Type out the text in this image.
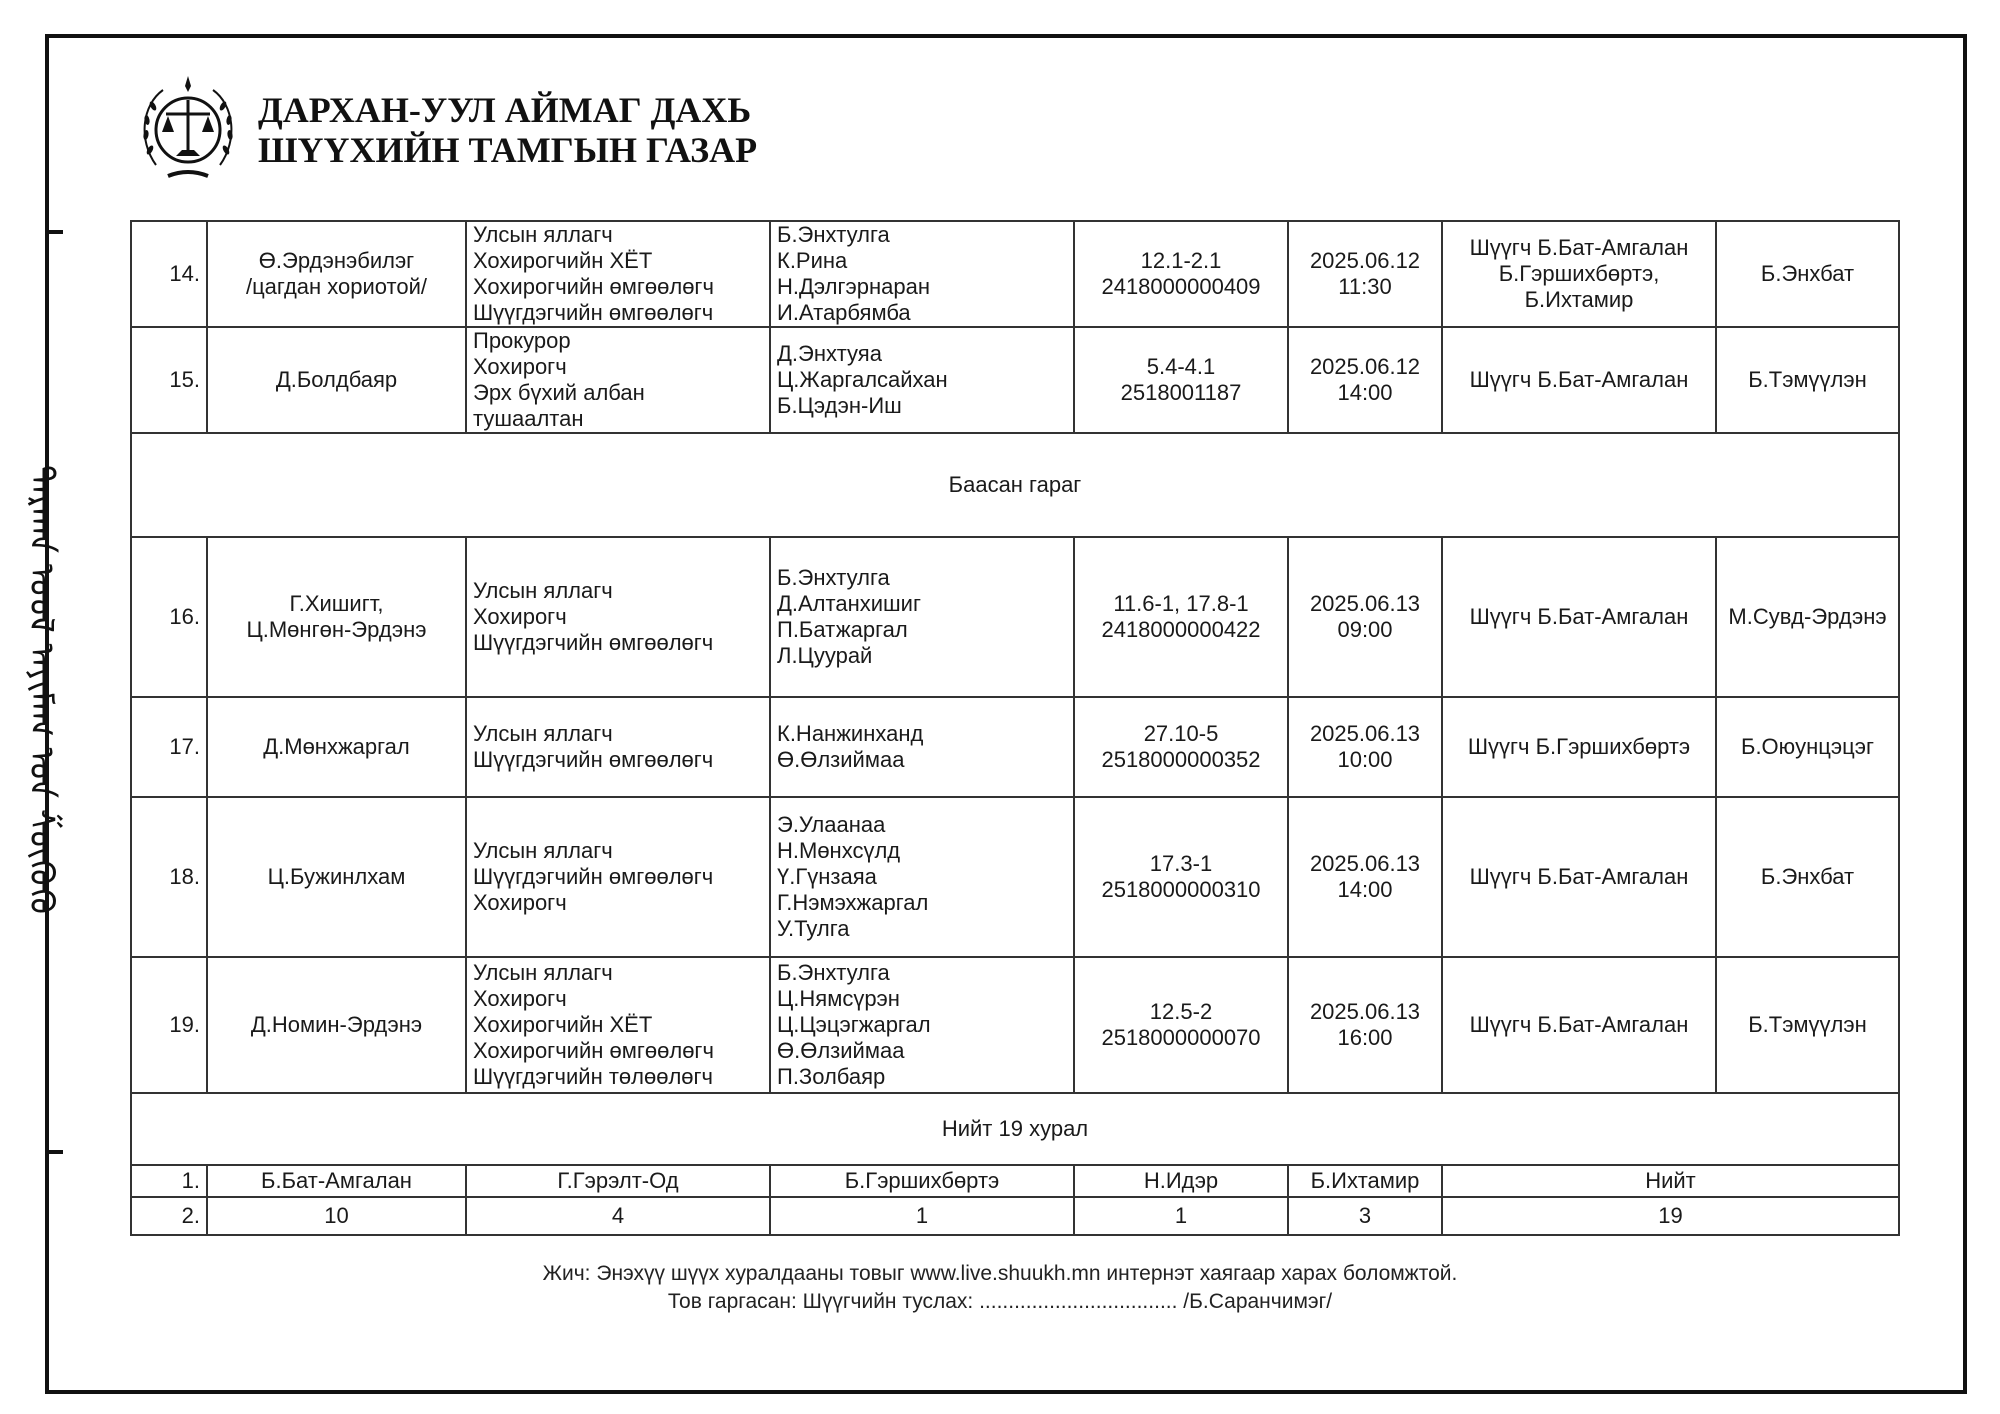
ᠳᠠᠷᠬᠠᠨ ᠤᠤᠯ ᠠᠶᠢᠮᠠᠭ ᠤᠨ ᠱᠦᠭᠦᠬᠦ
ДАРХАН-УУЛ АЙМАГ ДАХЬ
ШҮҮХИЙН ТАМГЫН ГАЗАР
14.	Ө.Эрдэнэбилэг
/цагдан хориотой/	Улсын яллагч
Хохирогчийн ХЁТ
Хохирогчийн өмгөөлөгч
Шүүгдэгчийн өмгөөлөгч	Б.Энхтулга
К.Рина
Н.Дэлгэрнаран
И.Атарбямба	12.1-2.1
2418000000409	2025.06.12
11:30	Шүүгч Б.Бат-Амгалан
Б.Гэршихбөртэ,
Б.Ихтамир	Б.Энхбат
15.	Д.Болдбаяр	Прокурор
Хохирогч
Эрх бүхий албан
тушаалтан	Д.Энхтуяа
Ц.Жаргалсайхан
Б.Цэдэн-Иш	5.4-4.1
2518001187	2025.06.12
14:00	Шүүгч Б.Бат-Амгалан	Б.Тэмүүлэн
Баасан гараг							
16.	Г.Хишигт,
Ц.Мөнгөн-Эрдэнэ	Улсын яллагч
Хохирогч
Шүүгдэгчийн өмгөөлөгч	Б.Энхтулга
Д.Алтанхишиг
П.Батжаргал
Л.Цуурай	11.6-1, 17.8-1
2418000000422	2025.06.13
09:00	Шүүгч Б.Бат-Амгалан	М.Сувд-Эрдэнэ
17.	Д.Мөнхжаргал	Улсын яллагч
Шүүгдэгчийн өмгөөлөгч	К.Нанжинханд
Ө.Өлзиймаа	27.10-5
2518000000352	2025.06.13
10:00	Шүүгч Б.Гэршихбөртэ	Б.Оюунцэцэг
18.	Ц.Бужинлхам	Улсын яллагч
Шүүгдэгчийн өмгөөлөгч
Хохирогч	Э.Улаанаа
Н.Мөнхсүлд
Ү.Гүнзаяа
Г.Нэмэхжаргал
У.Тулга	17.3-1
2518000000310	2025.06.13
14:00	Шүүгч Б.Бат-Амгалан	Б.Энхбат
19.	Д.Номин-Эрдэнэ	Улсын яллагч
Хохирогч
Хохирогчийн ХЁТ
Хохирогчийн өмгөөлөгч
Шүүгдэгчийн төлөөлөгч	Б.Энхтулга
Ц.Нямсүрэн
Ц.Цэцэгжаргал
Ө.Өлзиймаа
П.Золбаяр	12.5-2
2518000000070	2025.06.13
16:00	Шүүгч Б.Бат-Амгалан	Б.Тэмүүлэн
Нийт 19 хурал							
1.	Б.Бат-Амгалан	Г.Гэрэлт-Од	Б.Гэршихбөртэ	Н.Идэр	Б.Ихтамир	Нийт	
2.	10	4	1	1	3	19	
Жич: Энэхүү шүүх хуралдааны товыг www.live.shuukh.mn интернэт хаягаар харах боломжтой.
Тов гаргасан: Шүүгчийн туслах: .................................. /Б.Саранчимэг/
